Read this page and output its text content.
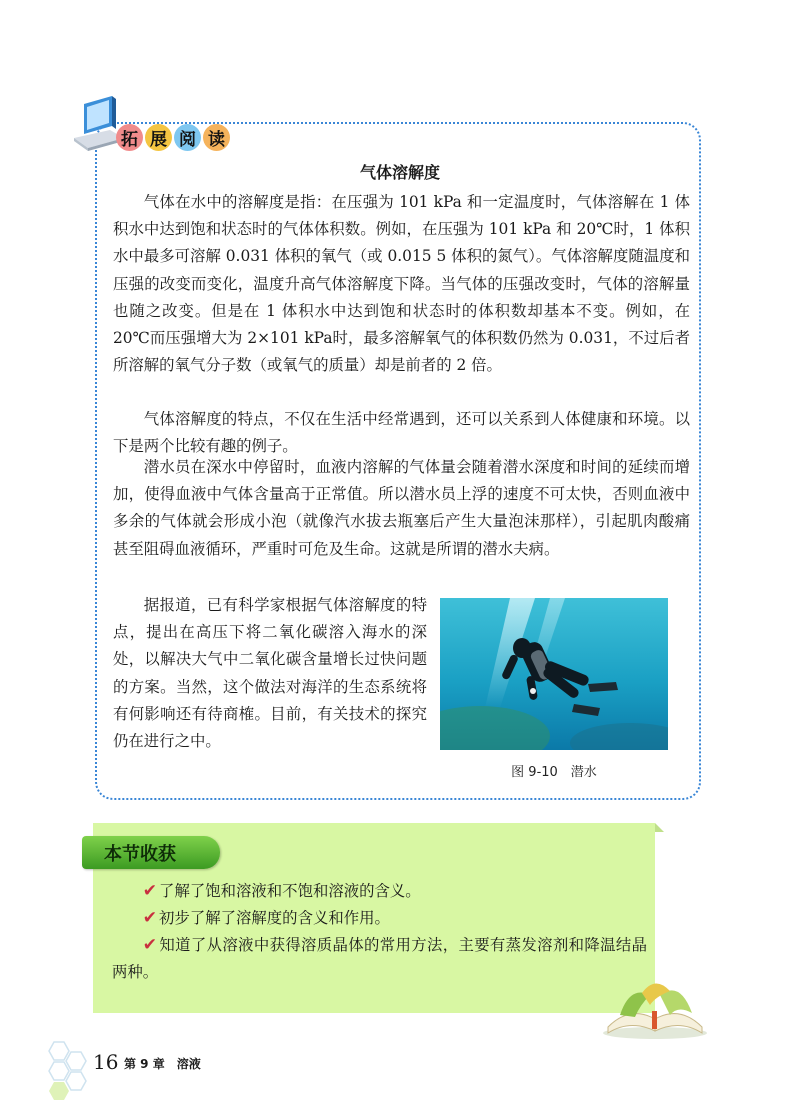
拓 展 阅 读
气体溶解度

气体在水中的溶解度是指：在压强为 101 kPa 和一定温度时，气体溶解在 1 体积水中达到饱和状态时的气体体积数。例如，在压强为 101 kPa 和 20℃时，1 体积水中最多可溶解 0.031 体积的氧气（或 0.015 5 体积的氮气）。气体溶解度随温度和压强的改变而变化，温度升高气体溶解度下降。当气体的压强改变时，气体的溶解量也随之改变。但是在 1 体积水中达到饱和状态时的体积数却基本不变。例如，在20℃而压强增大为 2×101 kPa时，最多溶解氧气的体积数仍然为 0.031，不过后者所溶解的氧气分子数（或氧气的质量）却是前者的 2 倍。

气体溶解度的特点，不仅在生活中经常遇到，还可以关系到人体健康和环境。以下是两个比较有趣的例子。

潜水员在深水中停留时，血液内溶解的气体量会随着潜水深度和时间的延续而增加，使得血液中气体含量高于正常值。所以潜水员上浮的速度不可太快，否则血液中多余的气体就会形成小泡（就像汽水拔去瓶塞后产生大量泡沫那样），引起肌肉酸痛甚至阻碍血液循环，严重时可危及生命。这就是所谓的潜水夫病。

据报道，已有科学家根据气体溶解度的特点，提出在高压下将二氧化碳溶入海水的深处，以解决大气中二氧化碳含量增长过快问题的方案。当然，这个做法对海洋的生态系统将有何影响还有待商榷。目前，有关技术的探究仍在进行之中。

图 9-10　潜水
本节收获

✔ 了解了饱和溶液和不饱和溶液的含义。

✔ 初步了解了溶解度的含义和作用。

✔ 知道了从溶液中获得溶质晶体的常用方法，主要有蒸发溶剂和降温结晶两种。

16 第 9 章　溶液
